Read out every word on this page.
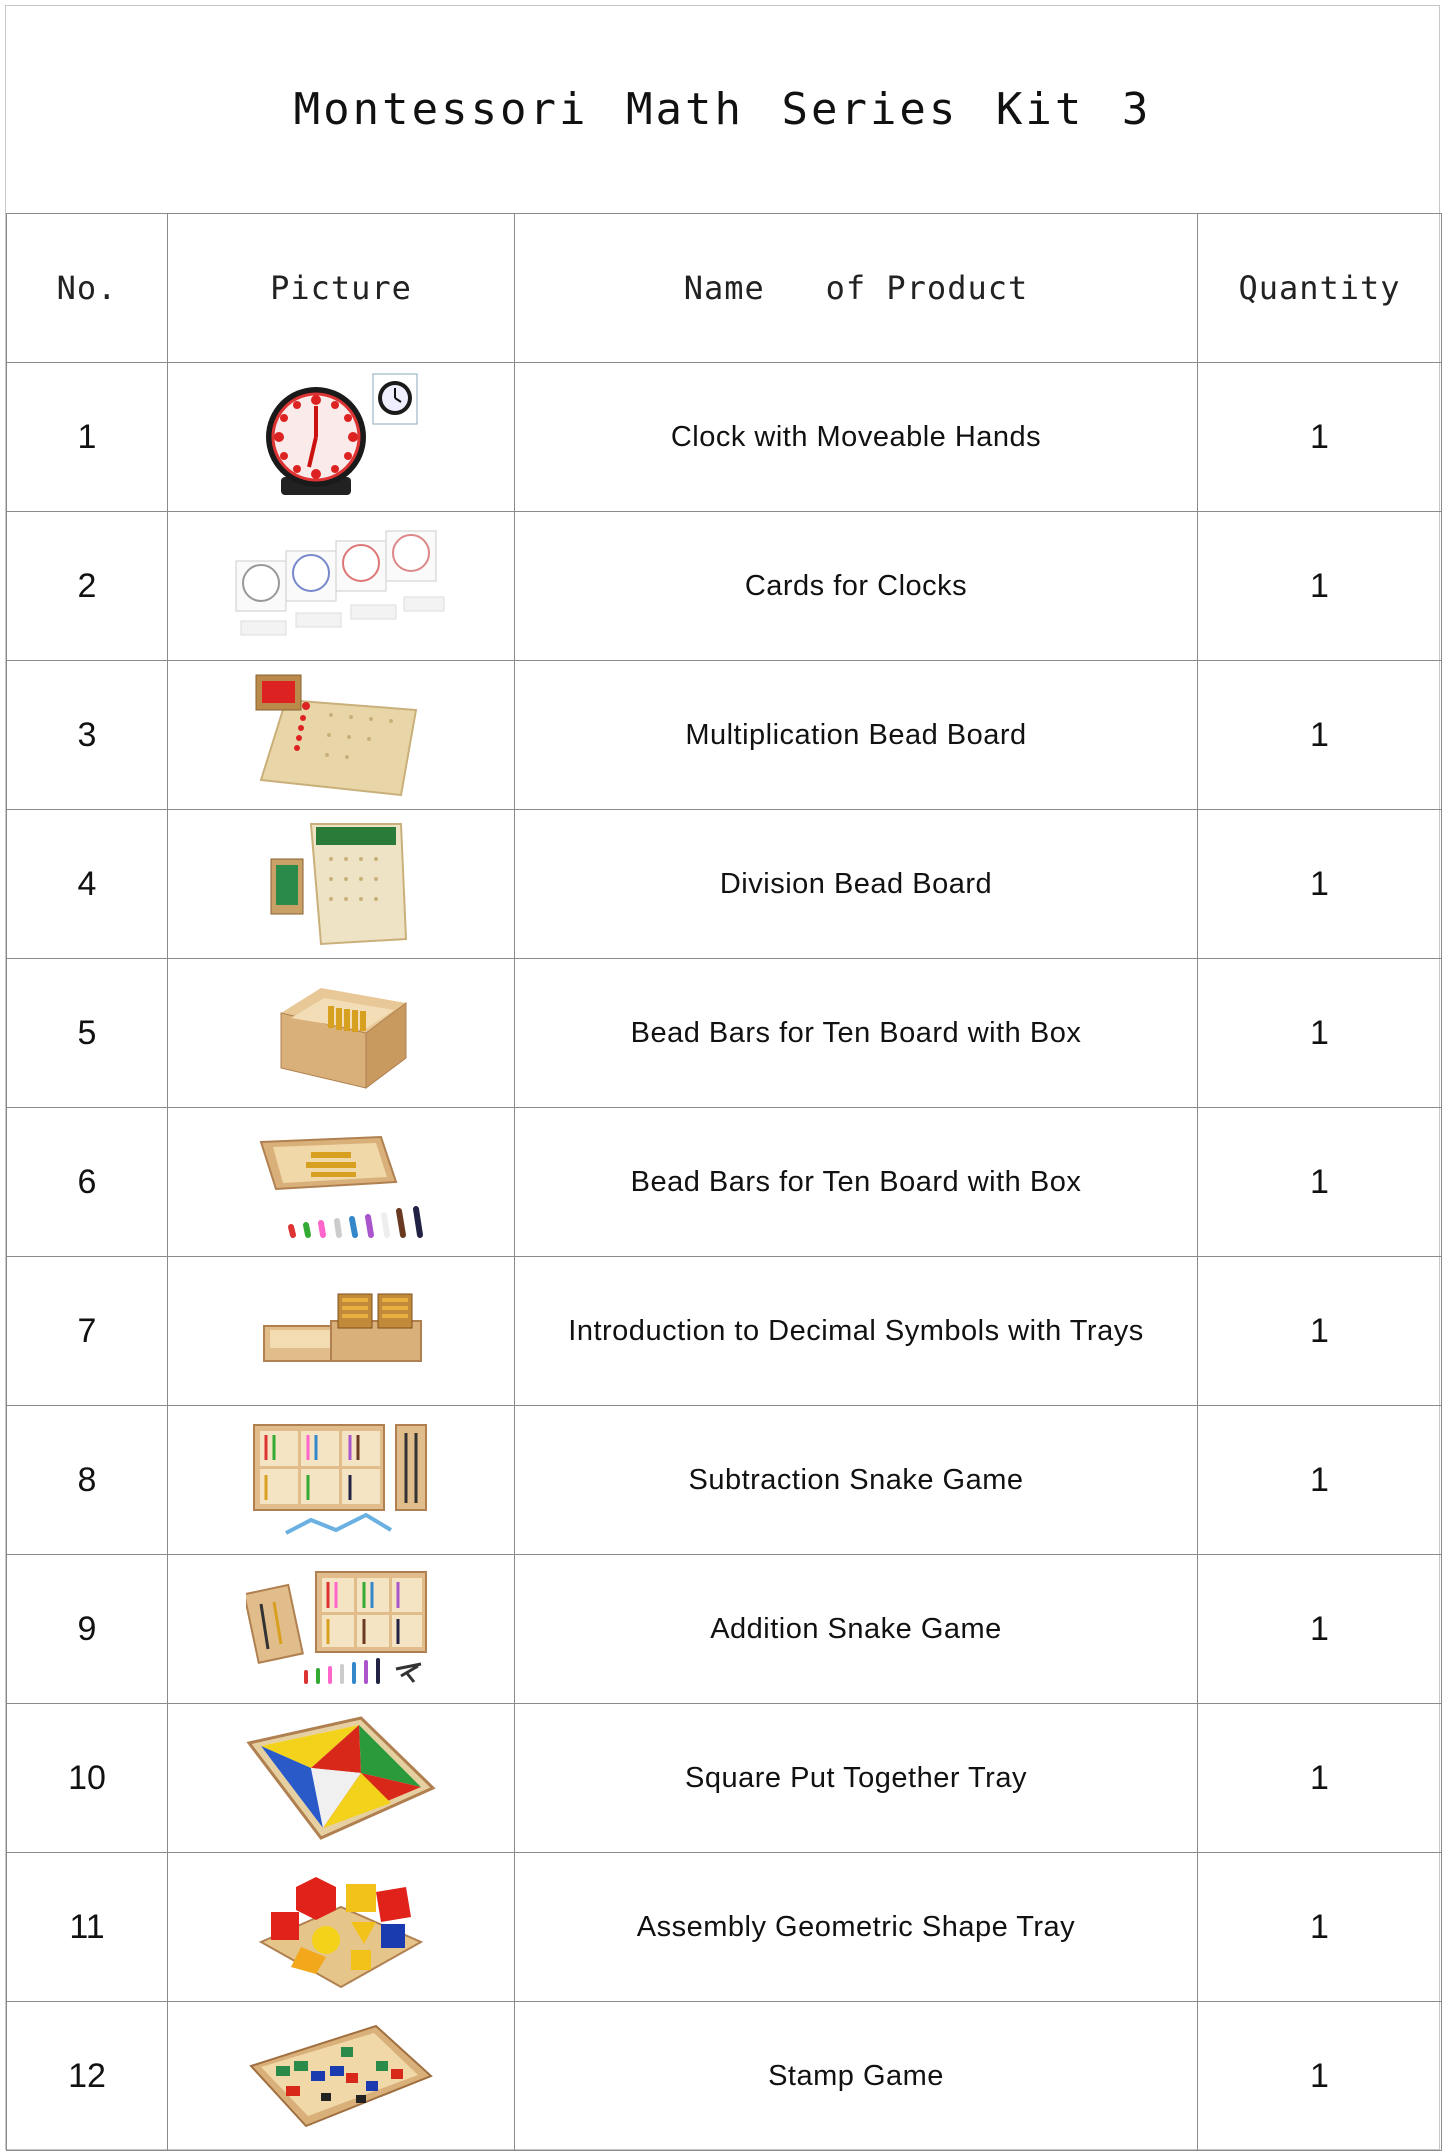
Montessori Math Series Kit 3
No.	Picture	Name   of Product	Quantity
1		Clock with Moveable Hands	1
2		Cards for Clocks	1
3		Multiplication Bead Board	1
4		Division Bead Board	1
5		Bead Bars for Ten Board with Box	1
6		Bead Bars for Ten Board with Box	1
7		Introduction to Decimal Symbols with Trays	1
8		Subtraction Snake Game	1
9		Addition Snake Game	1
10		Square Put Together Tray	1
11		Assembly Geometric Shape Tray	1
12		Stamp Game	1
